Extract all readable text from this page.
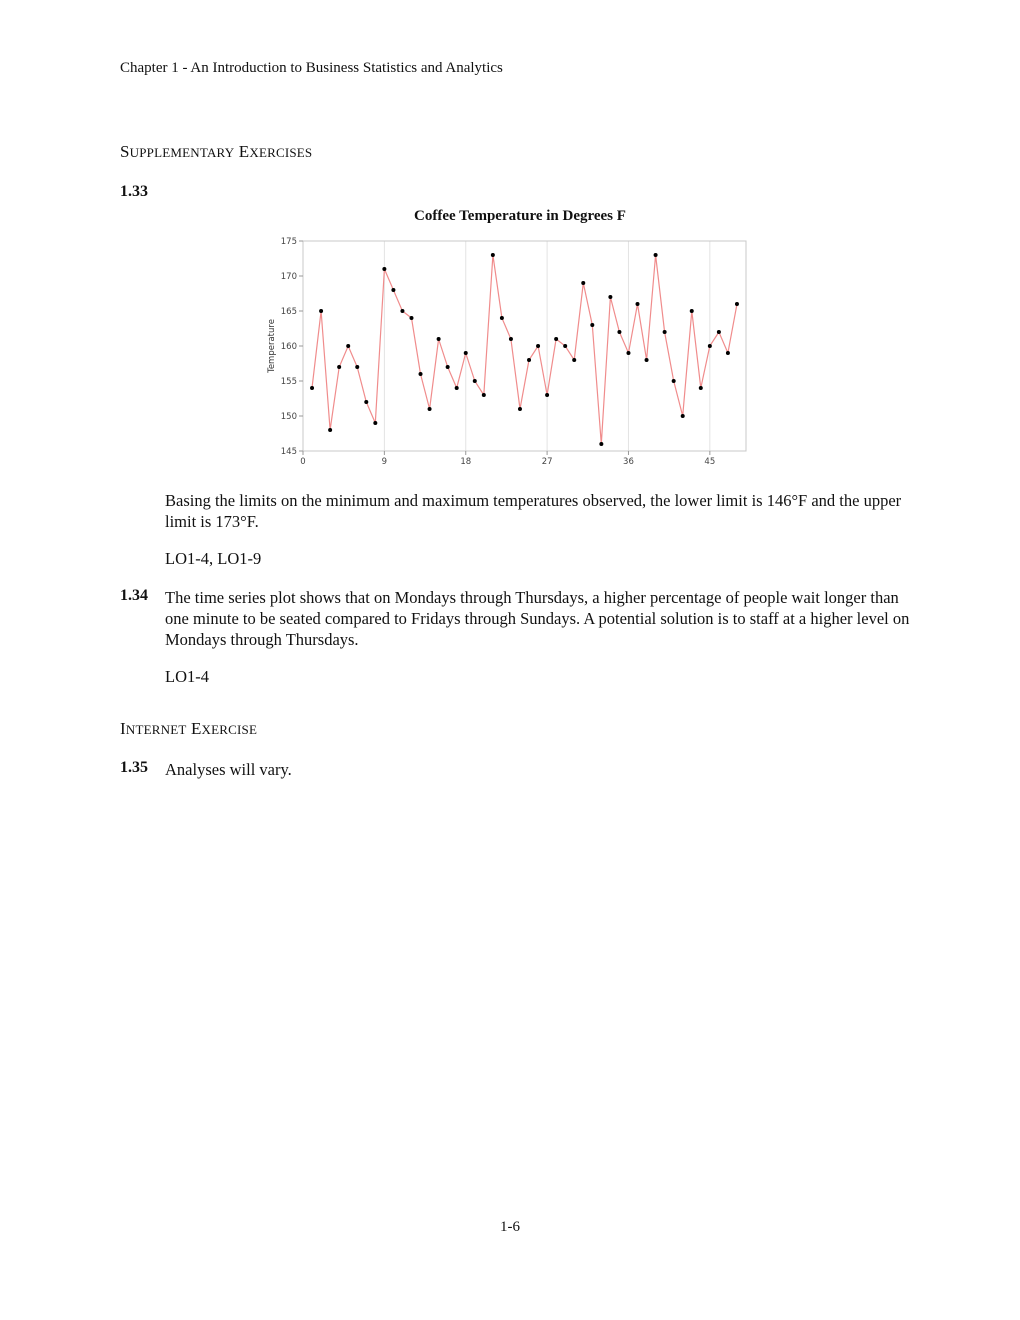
Chapter 1 - An Introduction to Business Statistics and Analytics
SUPPLEMENTARY EXERCISES
1.33
Coffee Temperature in Degrees F
145
150
155
160
165
170
175
0	9	18	27	36	45
Temperature
Basing the limits on the minimum and maximum temperatures observed, the lower limit is 146°F and the upper limit is 173°F.
LO1-4, LO1-9
1.34 The time series plot shows that on Mondays through Thursdays, a higher percentage of people wait longer than one minute to be seated compared to Fridays through Sundays. A potential solution is to staff at a higher level on Mondays through Thursdays.
LO1-4
INTERNET EXERCISE
1.35 Analyses will vary.
1-6
